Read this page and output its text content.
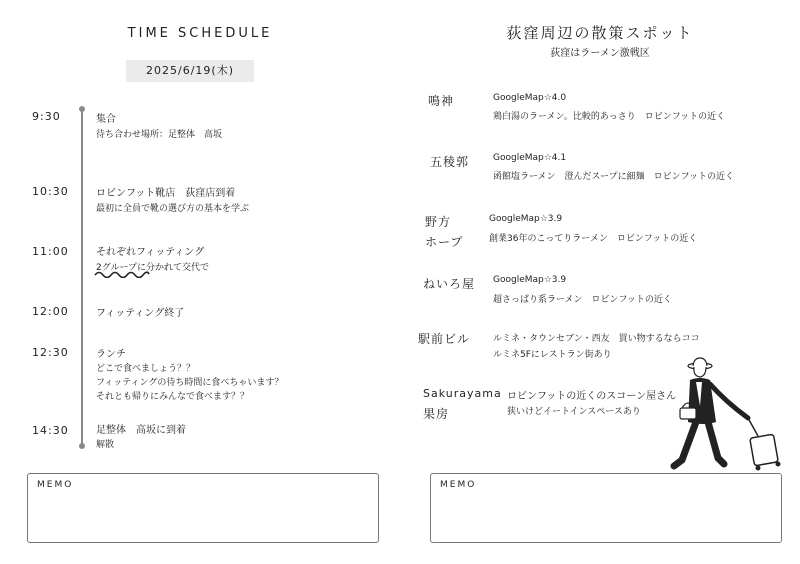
TIME SCHEDULE
2025/6/19(木)
9:30	集合
待ち合わせ場所：足整体　高坂
10:30	ロビンフット靴店　荻窪店到着
最初に全員で靴の選び方の基本を学ぶ
11:00	それぞれフィッティング
2グループに分かれて交代で
12:00	フィッティング終了
12:30	ランチ
どこで食べましょう？？
フィッティングの待ち時間に食べちゃいます？
それとも帰りにみんなで食べます？？
14:30	足整体　高坂に到着
解散
MEMO
荻窪周辺の散策スポット
荻窪はラーメン激戦区
鳴神	GoogleMap☆4.0
鶏白湯のラーメン。比較的あっさり　ロビンフットの近く
五稜郭	GoogleMap☆4.1
函館塩ラーメン　澄んだスープに細麺　ロビンフットの近く
野方
ホープ
GoogleMap☆3.9
創業36年のこってりラーメン　ロビンフットの近く
ねいろ屋 GoogleMap☆3.9
超さっぱり系ラーメン　ロビンフットの近く
駅前ビル	ルミネ・タウンセブン・西友　買い物するならココ
ルミネ5Fにレストラン街あり
Sakurayama
果房
ロビンフットの近くのスコーン屋さん
狭いけどイートインスペースあり
MEMO
